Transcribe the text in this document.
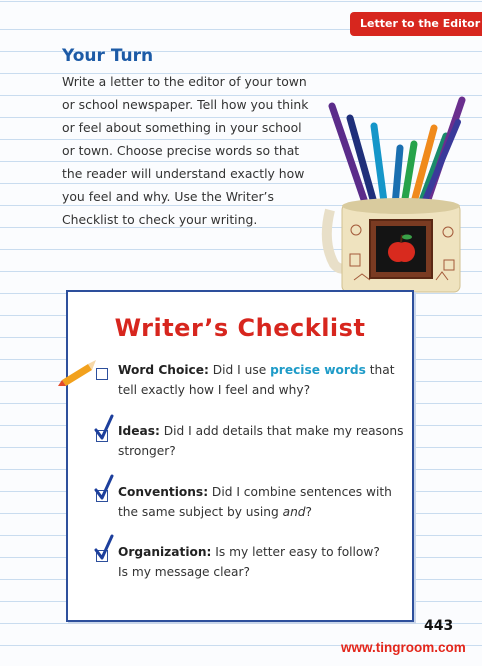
Letter to the Editor
Your Turn
Write a letter to the editor of your town
or school newspaper. Tell how you think
or feel about something in your school
or town. Choose precise words so that
the reader will understand exactly how
you feel and why. Use the Writer’s
Checklist to check your writing.
Writer’s Checklist
Word Choice: Did I use precise words that
tell exactly how I feel and why?
Ideas: Did I add details that make my reasons
stronger?
Conventions: Did I combine sentences with
the same subject by using and?
Organization: Is my letter easy to follow?
Is my message clear?
443
www.tingroom.com
